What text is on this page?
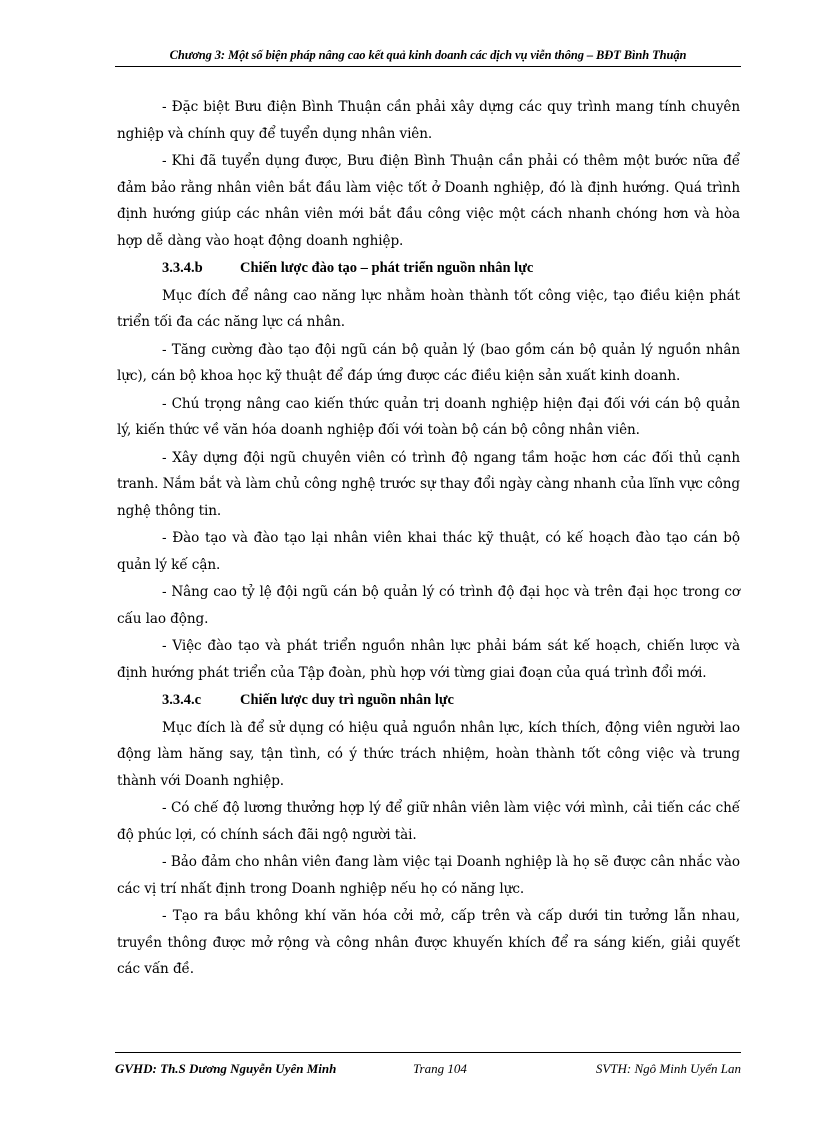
Chương 3: Một số biện pháp nâng cao kết quả kinh doanh các dịch vụ viễn thông – BĐT Bình Thuận

- Đặc biệt Bưu điện Bình Thuận cần phải xây dựng các quy trình mang tính chuyên nghiệp và chính quy để tuyển dụng nhân viên.

- Khi đã tuyển dụng được, Bưu điện Bình Thuận cần phải có thêm một bước nữa để đảm bảo rằng nhân viên bắt đầu làm việc tốt ở Doanh nghiệp, đó là định hướng. Quá trình định hướng giúp các nhân viên mới bắt đầu công việc một cách nhanh chóng hơn và hòa hợp dễ dàng vào hoạt động doanh nghiệp.

3.3.4.b	Chiến lược đào tạo – phát triển nguồn nhân lực

Mục đích để nâng cao năng lực nhằm hoàn thành tốt công việc, tạo điều kiện phát triển tối đa các năng lực cá nhân.

- Tăng cường đào tạo đội ngũ cán bộ quản lý (bao gồm cán bộ quản lý nguồn nhân lực), cán bộ khoa học kỹ thuật để đáp ứng được các điều kiện sản xuất kinh doanh.

- Chú trọng nâng cao kiến thức quản trị doanh nghiệp hiện đại đối với cán bộ quản lý, kiến thức về văn hóa doanh nghiệp đối với toàn bộ cán bộ công nhân viên.

- Xây dựng đội ngũ chuyên viên có trình độ ngang tầm hoặc hơn các đối thủ cạnh tranh. Nắm bắt và làm chủ công nghệ trước sự thay đổi ngày càng nhanh của lĩnh vực công nghệ thông tin.

- Đào tạo và đào tạo lại nhân viên khai thác kỹ thuật, có kế hoạch đào tạo cán bộ quản lý kế cận.

- Nâng cao tỷ lệ đội ngũ cán bộ quản lý có trình độ đại học và trên đại học trong cơ cấu lao động.

- Việc đào tạo và phát triển nguồn nhân lực phải bám sát kế hoạch, chiến lược và định hướng phát triển của Tập đoàn, phù hợp với từng giai đoạn của quá trình đổi mới.

3.3.4.c	Chiến lược duy trì nguồn nhân lực

Mục đích là để sử dụng có hiệu quả nguồn nhân lực, kích thích, động viên người lao động làm hăng say, tận tình, có ý thức trách nhiệm, hoàn thành tốt công việc và trung thành với Doanh nghiệp.

- Có chế độ lương thưởng hợp lý để giữ nhân viên làm việc với mình, cải tiến các chế độ phúc lợi, có chính sách đãi ngộ người tài.

- Bảo đảm cho nhân viên đang làm việc tại Doanh nghiệp là họ sẽ được cân nhắc vào các vị trí nhất định trong Doanh nghiệp nếu họ có năng lực.

- Tạo ra bầu không khí văn hóa cởi mở, cấp trên và cấp dưới tin tưởng lẫn nhau, truyền thông được mở rộng và công nhân được khuyến khích để ra sáng kiến, giải quyết các vấn đề.

GVHD: Th.S Dương Nguyễn Uyên Minh	Trang 104	SVTH: Ngô Minh Uyển Lan
